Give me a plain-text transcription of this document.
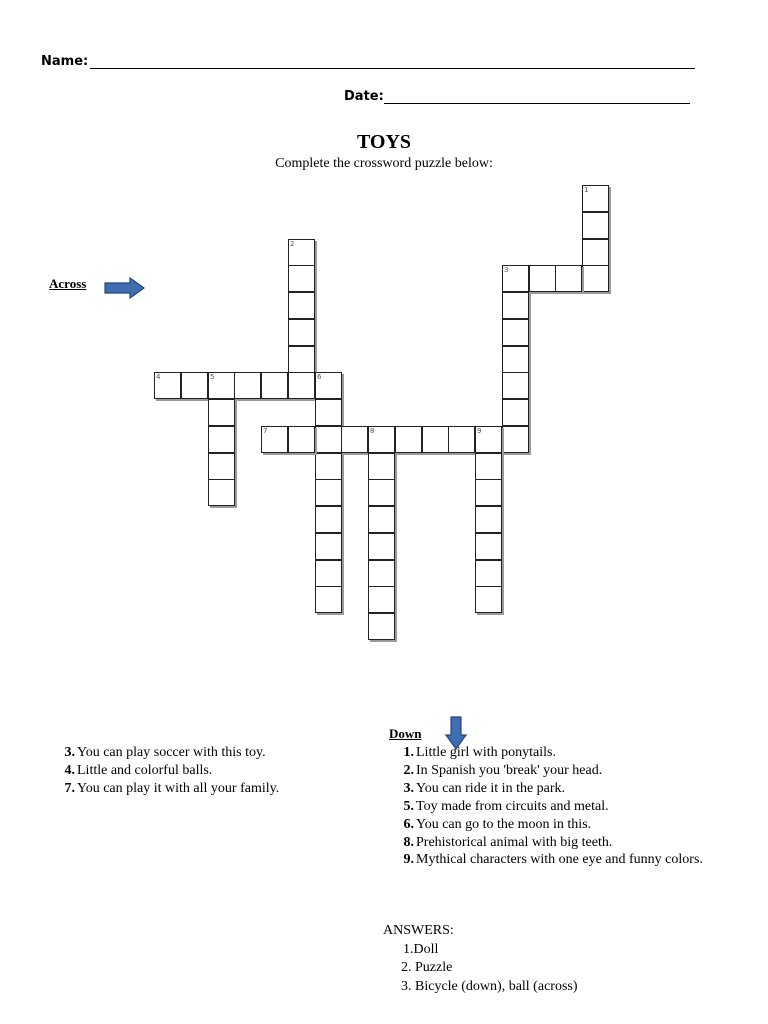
Name:
Date:
TOYS
Complete the crossword puzzle below:
1
2
3
4	5	6
7	8	9
Across
Down
3. You can play soccer with this toy.
4. Little and colorful balls.
7. You can play it with all your family.
1. Little girl with ponytails.
2. In Spanish you 'break' your head.
3. You can ride it in the park.
5. Toy made from circuits and metal.
6. You can go to the moon in this.
8. Prehistorical animal with big teeth.
9. Mythical characters with one eye and funny colors.
ANSWERS:
1.Doll
2. Puzzle
3. Bicycle (down), ball (across)
